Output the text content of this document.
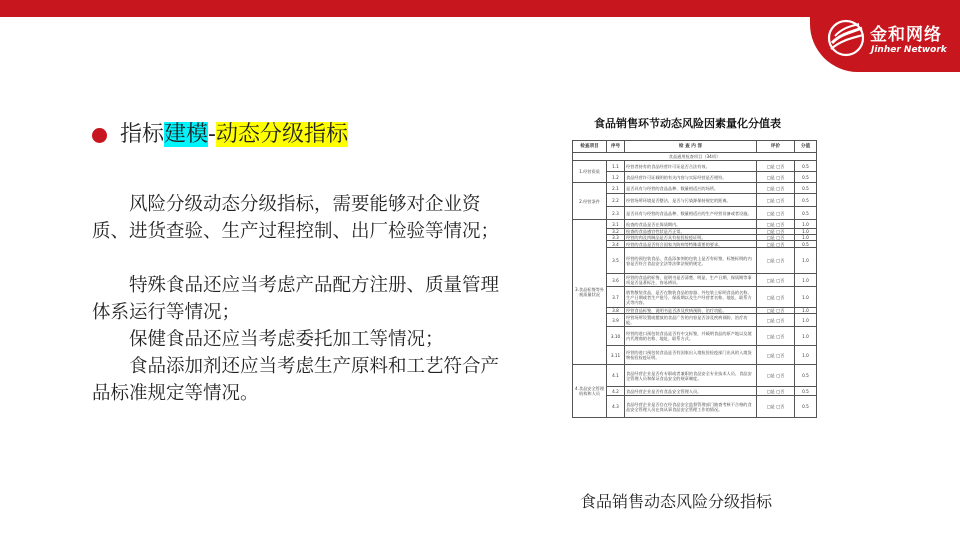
金和网络
Jinher Network
指标建模-动态分级指标

风险分级动态分级指标，需要能够对企业资质、进货查验、生产过程控制、出厂检验等情况；

特殊食品还应当考虑产品配方注册、质量管理体系运行等情况；

保健食品还应当考虑委托加工等情况；

食品添加剂还应当考虑生产原料和工艺符合产品标准规定等情况。

食品销售环节动态风险因素量化分值表
检查项目	序号	检 查 内 容	评价	分值
食品通用检查项目（34项）				
1.经营资质	1.1	经营者持有的食品经营许可证是否合法有效。	□是 □否	0.5
	1.2	食品经营许可证载明的有关内容与实际经营是否相符。	□是 □否	0.5
2.经营条件	2.1	是否具有与经营的食品品种、数量相适应的场所。	□是 □否	0.5
	2.2	经营场所环境是否整洁，是否与污染源保持规定的距离。	□是 □否	0.5
	2.3	是否具有与经营的食品品种、数量相适应的生产经营设备或者设施。	□是 □否	0.5
3.食品标签等外观质量状况	3.1	检查的食品是否在保质期内。	□是 □否	1.0
	3.2	检查的食品感官性状是否正常。	□是 □否	1.0
	3.3	经营的肉及肉制品是否具有检验检疫证明。	□是 □否	1.0
	3.4	经营的食品是否符合国家为防病等特殊需要的要求。	□是 □否	0.5
	3.5	经营的预包装食品、食品添加剂的包装上是否有标签，标签标明的内容是否符合食品安全法等法律法规的规定。	□是 □否	1.0
	3.6	经营的食品的标签、说明书是否清楚、明显，生产日期、保质期等事项是否显著标注，容易辨识。	□是 □否	1.0
	3.7	销售散装食品，是否在散装食品的容器、外包装上标明食品的名称、生产日期或者生产批号、保质期以及生产经营者名称、地址、联系方式等内容。	□是 □否	1.0
	3.8	经营食品标签、说明书是否涉及疾病预防、治疗功能。	□是 □否	1.0
	3.9	经营场所设置或摆放的食品广告的内容是否涉及疾病预防、治疗功能。	□是 □否	1.0
	3.10	经营的进口预包装食品是否有中文标签，并载明食品的原产地以及境内代理商的名称、地址、联系方式。	□是 □否	1.0
	3.11	经营的进口预包装食品是否有国家出入境检验检疫部门出具的入境货物检验检疫证明。	□是 □否	1.0
4.食品安全管理机构和人员	4.1	食品经营企业是否有专职或者兼职的食品安全专业技术人员、食品安全管理人员和保证食品安全的规章制度。	□是 □否	0.5
	4.2	食品经营企业是否有食品安全管理人员。	□是 □否	0.5
	4.3	食品经营企业是否存在经食品安全监督管理部门抽查考核不合格的食品安全管理人员在岗从事食品安全管理工作的情况。	□是 □否	0.5
食品销售动态风险分级指标
